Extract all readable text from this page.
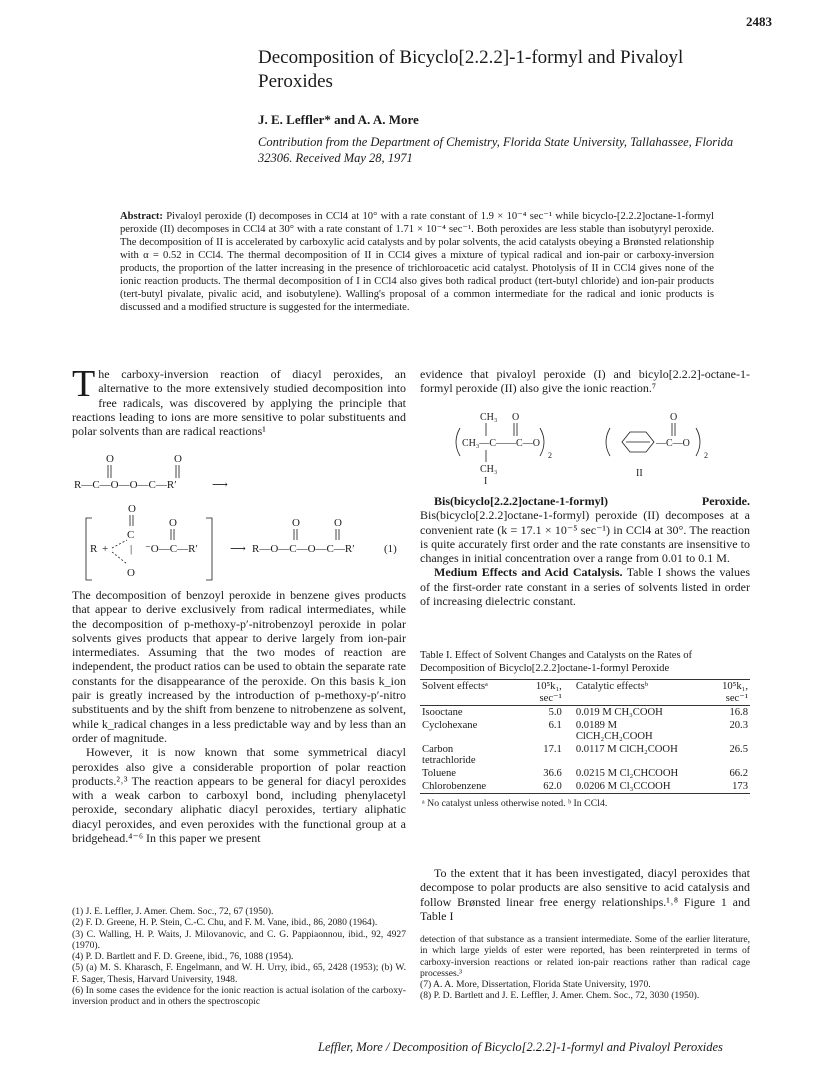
2483
Decomposition of Bicyclo[2.2.2]-1-formyl and Pivaloyl Peroxides
J. E. Leffler* and A. A. More
Contribution from the Department of Chemistry, Florida State University, Tallahassee, Florida 32306. Received May 28, 1971
Abstract: Pivaloyl peroxide (I) decomposes in CCl4 at 10° with a rate constant of 1.9 × 10⁻⁴ sec⁻¹ while bicyclo-[2.2.2]octane-1-formyl peroxide (II) decomposes in CCl4 at 30° with a rate constant of 1.71 × 10⁻⁴ sec⁻¹. Both peroxides are less stable than isobutyryl peroxide. The decomposition of II is accelerated by carboxylic acid catalysts and by polar solvents, the acid catalysts obeying a Brønsted relationship with α = 0.52 in CCl4. The thermal decomposition of II in CCl4 gives a mixture of typical radical and ion-pair or carboxy-inversion products, the proportion of the latter increasing in the presence of trichloroacetic acid catalyst. Photolysis of II in CCl4 gives none of the ionic reaction products. The thermal decomposition of I in CCl4 also gives both radical product (tert-butyl chloride) and ion-pair products (tert-butyl pivalate, pivalic acid, and isobutylene). Walling's proposal of a common intermediate for the radical and ionic products is discussed and a modified structure is suggested for the intermediate.
The carboxy-inversion reaction of diacyl peroxides, an alternative to the more extensively studied decomposition into free radicals, was discovered by applying the principle that reactions leading to ions are more sensitive to polar substituents and polar solvents than are radical reactions¹
O	O
R—C—O—O—C—R′	⟶
O
O
C
R + |
O
⁻O—C—R′	⟶
O	O
R—O—C—O—C—R′	(1)

The decomposition of benzoyl peroxide in benzene gives products that appear to derive exclusively from radical intermediates, while the decomposition of p-methoxy-p′-nitrobenzoyl peroxide in polar solvents gives products that appear to derive largely from ion-pair intermediates. Assuming that the two modes of reaction are independent, the product ratios can be used to obtain the separate rate constants for the disappearance of the peroxide. On this basis k_ion pair is greatly increased by the introduction of p-methoxy-p′-nitro substituents and by the shift from benzene to nitrobenzene as solvent, while k_radical changes in a less predictable way and by less than an order of magnitude.

However, it is now known that some symmetrical diacyl peroxides also give a considerable proportion of polar reaction products.²˒³ The reaction appears to be general for diacyl peroxides with a weak carbon to carboxyl bond, including phenylacetyl peroxide, secondary aliphatic diacyl peroxides, tertiary aliphatic diacyl peroxides, and even peroxides with the functional group at a bridgehead.⁴⁻⁶ In this paper we present

(1) J. E. Leffler, J. Amer. Chem. Soc., 72, 67 (1950).

(2) F. D. Greene, H. P. Stein, C.-C. Chu, and F. M. Vane, ibid., 86, 2080 (1964).

(3) C. Walling, H. P. Waits, J. Milovanovic, and C. G. Pappiaonnou, ibid., 92, 4927 (1970).

(4) P. D. Bartlett and F. D. Greene, ibid., 76, 1088 (1954).

(5) (a) M. S. Kharasch, F. Engelmann, and W. H. Urry, ibid., 65, 2428 (1953); (b) W. F. Sager, Thesis, Harvard University, 1948.

(6) In some cases the evidence for the ionic reaction is actual isolation of the carboxy-inversion product and in others the spectroscopic

evidence that pivaloyl peroxide (I) and bicylo[2.2.2]-octane-1-formyl peroxide (II) also give the ionic reaction.⁷

CH₃ O
CH₃—C——C—O
2
CH₃
I
O
—C—O
2
II

Bis(bicyclo[2.2.2]octane-1-formyl) Peroxide. Bis(bicyclo[2.2.2]octane-1-formyl) peroxide (II) decomposes at a convenient rate (k = 17.1 × 10⁻⁵ sec⁻¹) in CCl4 at 30°. The reaction is quite accurately first order and the rate constants are insensitive to changes in initial concentration over a range from 0.01 to 0.1 M.

Medium Effects and Acid Catalysis. Table I shows the values of the first-order rate constant in a series of solvents listed in order of increasing dielectric constant.

Table I. Effect of Solvent Changes and Catalysts on the Rates of Decomposition of Bicyclo[2.2.2]octane-1-formyl Peroxide
Solvent effectsᵃ	10⁵k₁, sec⁻¹	Catalytic effectsᵇ	10⁵k₁, sec⁻¹
Isooctane	5.0	0.019 M CH₃COOH	16.8
Cyclohexane	6.1	0.0189 M ClCH₂CH₂COOH	20.3
Carbon tetrachloride	17.1	0.0117 M ClCH₂COOH	26.5
Toluene	36.6	0.0215 M Cl₂CHCOOH	66.2
Chlorobenzene	62.0	0.0206 M Cl₃CCOOH	173
ᵃ No catalyst unless otherwise noted. ᵇ In CCl4.			

To the extent that it has been investigated, diacyl peroxides that decompose to polar products are also sensitive to acid catalysis and follow Brønsted linear free energy relationships.¹˒⁸ Figure 1 and Table I

detection of that substance as a transient intermediate. Some of the earlier literature, in which large yields of ester were reported, has been reinterpreted in terms of carboxy-inversion reactions or related ion-pair reactions rather than radical cage processes.³

(7) A. A. More, Dissertation, Florida State University, 1970.

(8) P. D. Bartlett and J. E. Leffler, J. Amer. Chem. Soc., 72, 3030 (1950).

Leffler, More / Decomposition of Bicyclo[2.2.2]-1-formyl and Pivaloyl Peroxides
